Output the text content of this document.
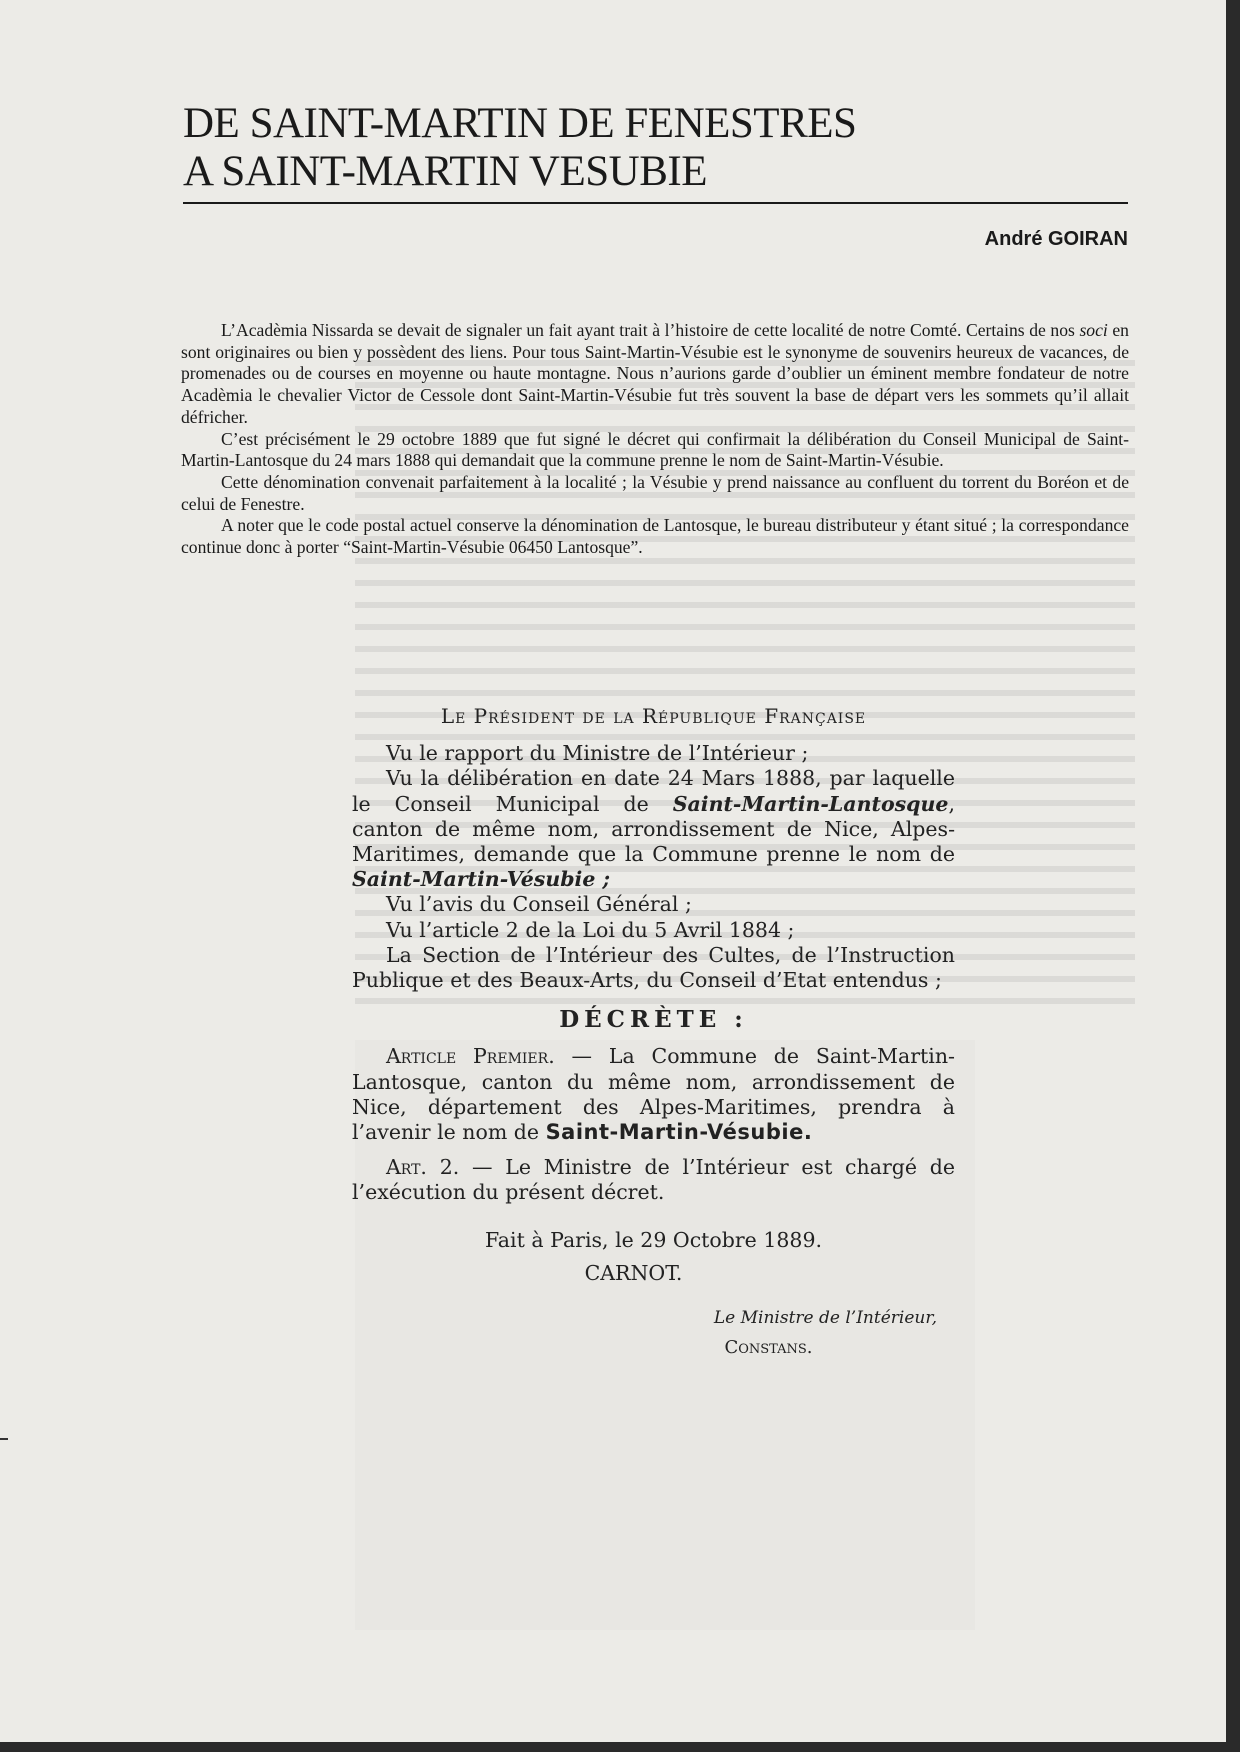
DE SAINT-MARTIN DE FENESTRES
A SAINT-MARTIN VESUBIE
André GOIRAN

L’Acadèmia Nissarda se devait de signaler un fait ayant trait à l’histoire de cette localité de notre Comté. Certains de nos soci en sont originaires ou bien y possèdent des liens. Pour tous Saint-Martin-Vésubie est le synonyme de souvenirs heureux de vacances, de promenades ou de courses en moyenne ou haute montagne. Nous n’aurions garde d’oublier un éminent membre fondateur de notre Acadèmia le chevalier Victor de Cessole dont Saint-Martin-Vésubie fut très souvent la base de départ vers les sommets qu’il allait défricher.

C’est précisément le 29 octobre 1889 que fut signé le décret qui confirmait la délibération du Conseil Municipal de Saint-Martin-Lantosque du 24 mars 1888 qui demandait que la commune prenne le nom de Saint-Martin-Vésubie.

Cette dénomination convenait parfaitement à la localité ; la Vésubie y prend naissance au confluent du torrent du Boréon et de celui de Fenestre.

A noter que le code postal actuel conserve la dénomination de Lantosque, le bureau distributeur y étant situé ; la correspondance continue donc à porter “Saint-Martin-Vésubie 06450 Lantosque”.

Le Président de la République Française

Vu le rapport du Ministre de l’Intérieur ;

Vu la délibération en date 24 Mars 1888, par laquelle le Conseil Municipal de Saint-Martin-Lantosque, canton de même nom, arrondissement de Nice, Alpes-Maritimes, demande que la Commune prenne le nom de Saint-Martin-Vésubie ;

Vu l’avis du Conseil Général ;

Vu l’article 2 de la Loi du 5 Avril 1884 ;

La Section de l’Intérieur des Cultes, de l’Instruction Publique et des Beaux-Arts, du Conseil d’Etat entendus ;

DÉCRÈTE :

Article Premier. — La Commune de Saint-Martin-Lantosque, canton du même nom, arrondissement de Nice, département des Alpes-Maritimes, prendra à l’avenir le nom de Saint-Martin-Vésubie.

Art. 2. — Le Ministre de l’Intérieur est chargé de l’exécution du présent décret.

Fait à Paris, le 29 Octobre 1889.

CARNOT.

Le Ministre de l’Intérieur,

Constans.
